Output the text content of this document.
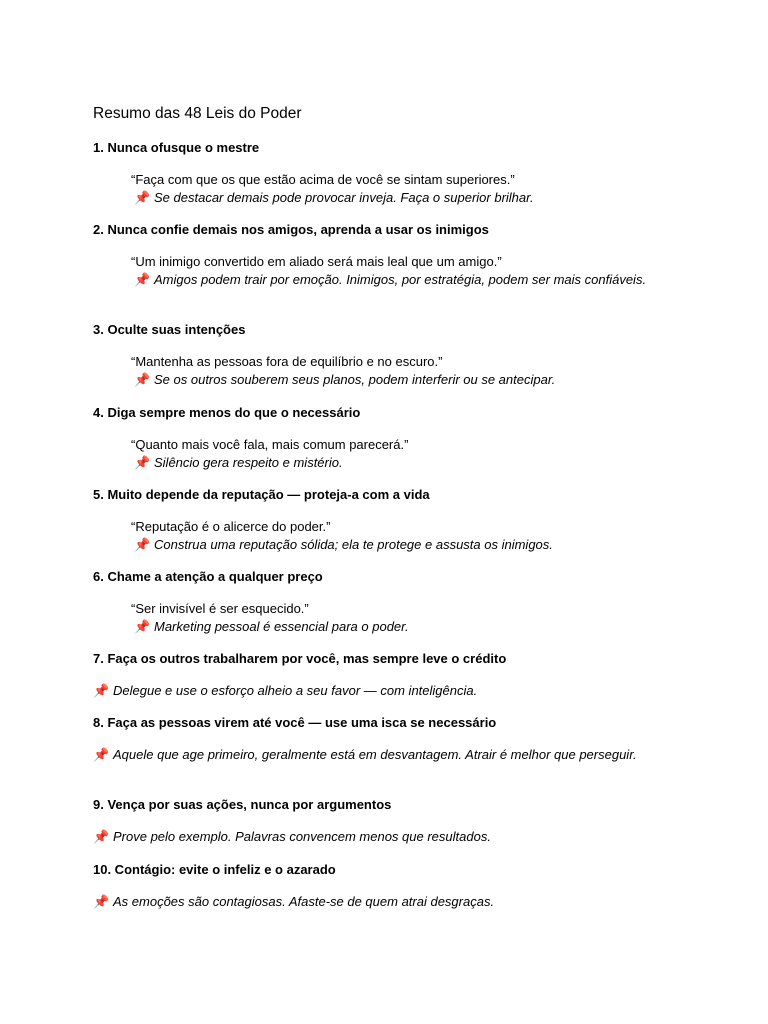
Resumo das 48 Leis do Poder

1. Nunca ofusque o mestre

“Faça com que os que estão acima de você se sintam superiores.”

📌 Se destacar demais pode provocar inveja. Faça o superior brilhar.

2. Nunca confie demais nos amigos, aprenda a usar os inimigos

“Um inimigo convertido em aliado será mais leal que um amigo.”

📌 Amigos podem trair por emoção. Inimigos, por estratégia, podem ser mais confiáveis.

3. Oculte suas intenções

“Mantenha as pessoas fora de equilíbrio e no escuro.”

📌 Se os outros souberem seus planos, podem interferir ou se antecipar.

4. Diga sempre menos do que o necessário

“Quanto mais você fala, mais comum parecerá.”

📌 Silêncio gera respeito e mistério.

5. Muito depende da reputação — proteja-a com a vida

“Reputação é o alicerce do poder.”

📌 Construa uma reputação sólida; ela te protege e assusta os inimigos.

6. Chame a atenção a qualquer preço

“Ser invisível é ser esquecido.”

📌 Marketing pessoal é essencial para o poder.

7. Faça os outros trabalharem por você, mas sempre leve o crédito

📌 Delegue e use o esforço alheio a seu favor — com inteligência.

8. Faça as pessoas virem até você — use uma isca se necessário

📌 Aquele que age primeiro, geralmente está em desvantagem. Atrair é melhor que perseguir.

9. Vença por suas ações, nunca por argumentos

📌 Prove pelo exemplo. Palavras convencem menos que resultados.

10. Contágio: evite o infeliz e o azarado

📌 As emoções são contagiosas. Afaste-se de quem atrai desgraças.
